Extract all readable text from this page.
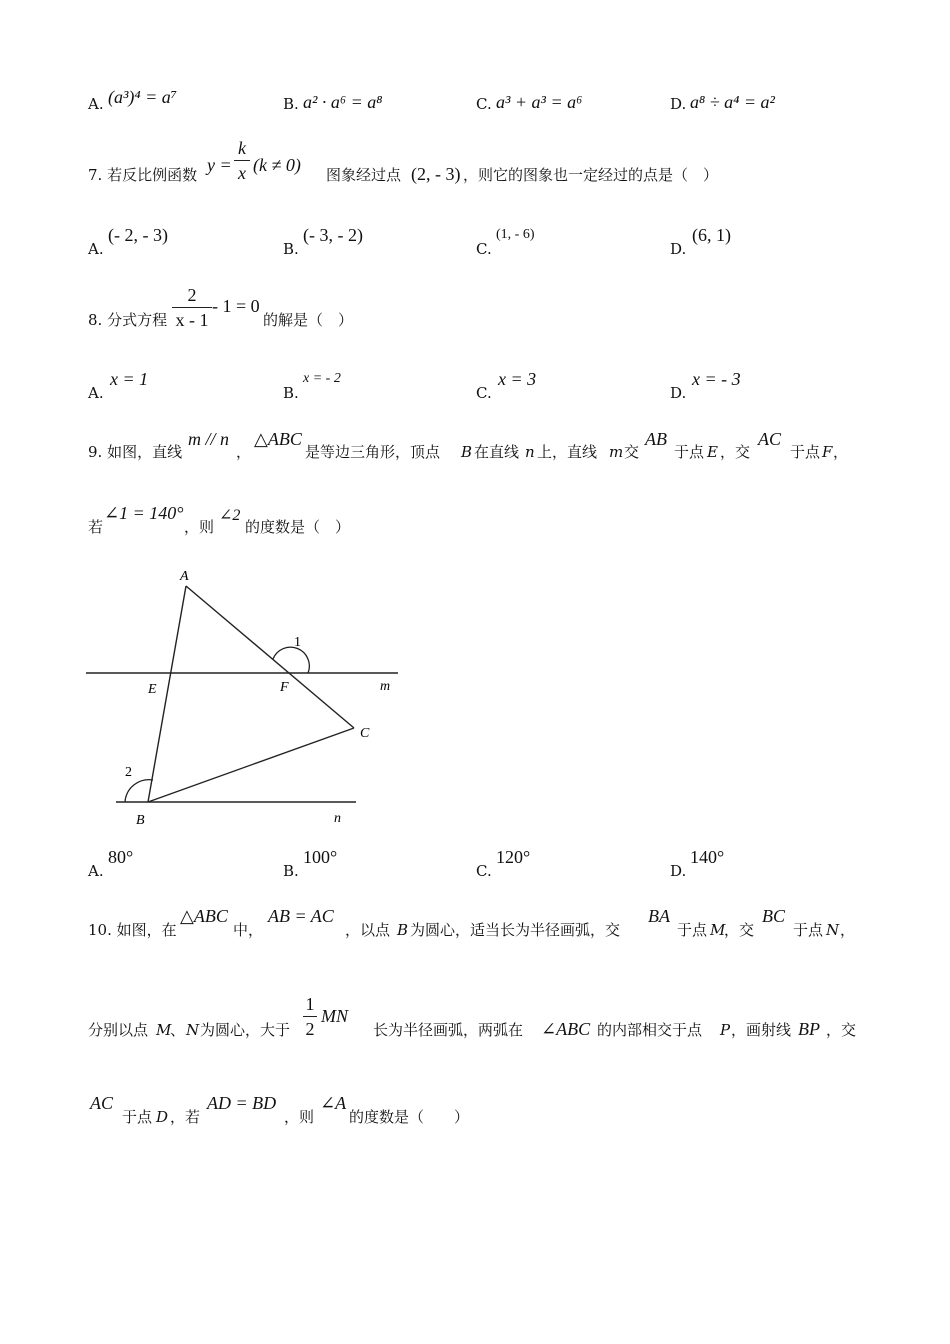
A. (a³)⁴ = a⁷	B. a² · a⁶ = a⁸	C. a³ + a³ = a⁶	D. a⁸ ÷ a⁴ = a²
7. 若反比例函数 y =
k
x (k ≠ 0) 图象经过点 (2, - 3) ，则它的图象也一定经过的点是（　）
A.
(- 2, - 3)
B.
(- 3, - 2)
C.
(1, - 6)
D.
(6, 1)
8. 分式方程
2
x - 1
- 1 = 0
的解是（　）
A.
x = 1
B.
x = - 2
C.
x = 3
D.
x = - 3
9. 如图，直线
m // n
，
△ABC
是等边三角形，顶点 B 在直线 n 上，直线 m 交
AB
于点 E ，交
AC
于点 F ，
若
∠1 = 140°
，则
∠2
的度数是（　）
A
E	F	m
C
B	n
1
2
A.
80°
B.
100°
C.
120°
D.
140°
10. 如图，在
△ABC
中，
AB = AC
，以点 B 为圆心，适当长为半径画弧，交
BA
于点 M
，交
BC
于点 N ，
分别以点 M
、 N 为圆心，大于
1
2
MN
长为半径画弧，两弧在 ∠ABC 的内部相交于点 P ，画射线 BP ，交
AC
于点 D ，若
AD = BD
，则
∠A
的度数是（　　）
